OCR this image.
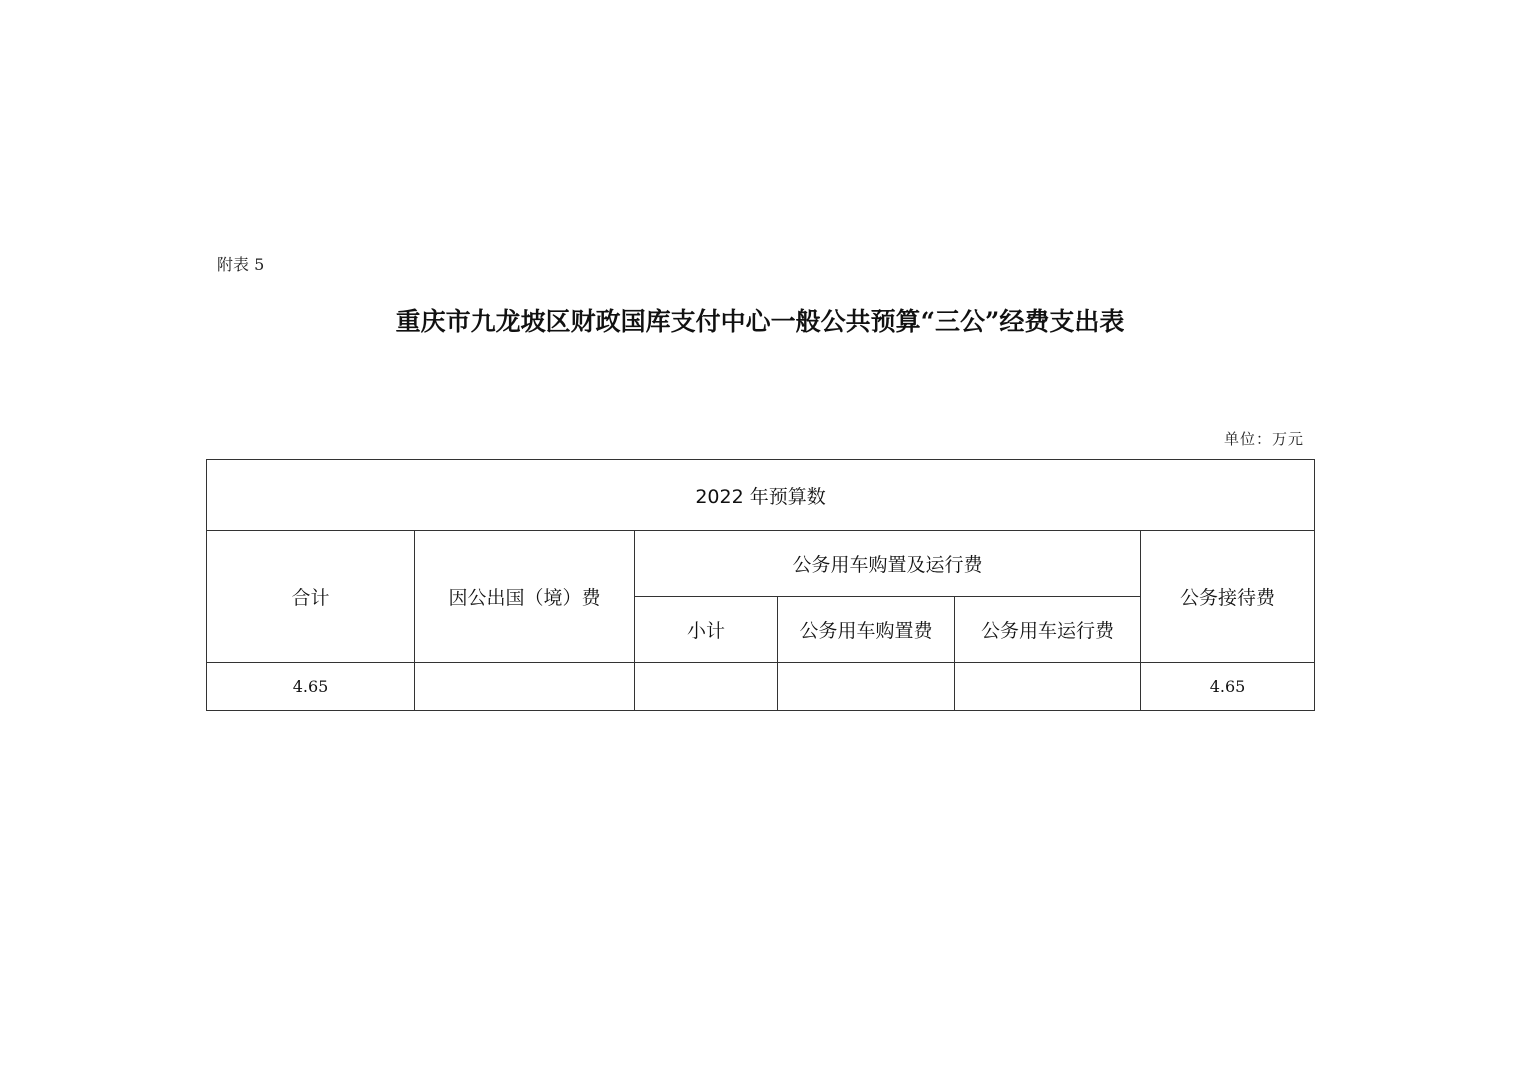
附表 5
重庆市九龙坡区财政国库支付中心一般公共预算“三公”经费支出表
单位：万元
2022 年预算数					
合计	因公出国（境）费	公务用车购置及运行费			公务接待费
		小计	公务用车购置费	公务用车运行费	
4.65					4.65
